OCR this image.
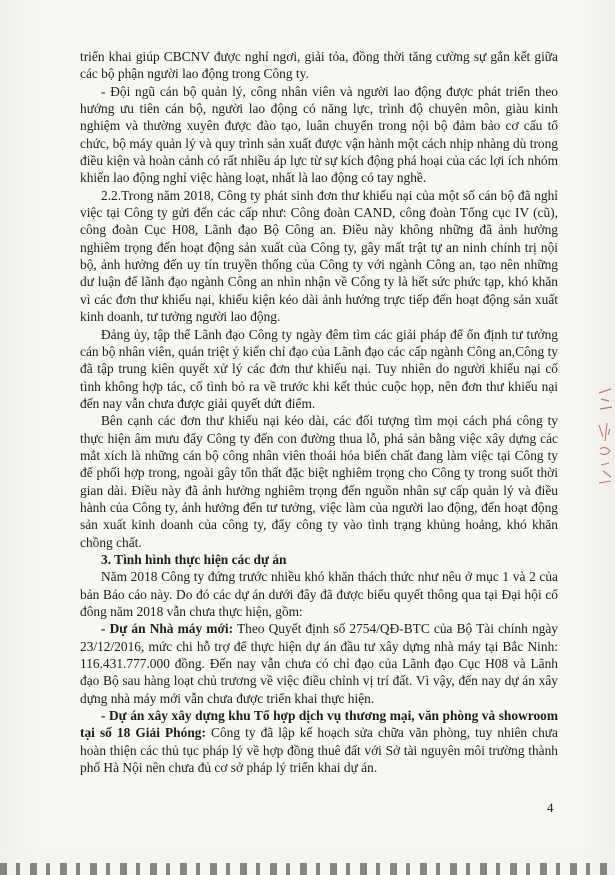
triển khai giúp CBCNV được nghỉ ngơi, giải tỏa, đồng thời tăng cường sự gắn kết giữa các bộ phận người lao động trong Công ty.

- Đội ngũ cán bộ quản lý, công nhân viên và người lao động được phát triển theo hướng ưu tiên cán bộ, người lao động có năng lực, trình độ chuyên môn, giàu kinh nghiệm và thường xuyên được đào tạo, luân chuyển trong nội bộ đảm bảo cơ cấu tổ chức, bộ máy quản lý và quy trình sản xuất được vận hành một cách nhịp nhàng dù trong điều kiện và hoàn cảnh có rất nhiều áp lực từ sự kích động phá hoại của các lợi ích nhóm khiến lao động nghỉ việc hàng loạt, nhất là lao động có tay nghề.

2.2.Trong năm 2018, Công ty phát sinh đơn thư khiếu nại của một số cán bộ đã nghỉ việc tại Công ty gửi đến các cấp như: Công đoàn CAND, công đoàn Tổng cục IV (cũ), công đoàn Cục H08, Lãnh đạo Bộ Công an. Điều này không những đã ảnh hưởng nghiêm trọng đến hoạt động sản xuất của Công ty, gây mất trật tự an ninh chính trị nội bộ, ảnh hưởng đến uy tín truyền thống của Công ty với ngành Công an, tạo nên những dư luận để lãnh đạo ngành Công an nhìn nhận về Công ty là hết sức phức tạp, khó khăn vì các đơn thư khiếu nại, khiếu kiện kéo dài ảnh hưởng trực tiếp đến hoạt động sản xuất kinh doanh, tư tưởng người lao động.

Đảng ủy, tập thể Lãnh đạo Công ty ngày đêm tìm các giải pháp để ổn định tư tưởng cán bộ nhân viên, quán triệt ý kiến chỉ đạo của Lãnh đạo các cấp ngành Công an,Công ty đã tập trung kiên quyết xử lý các đơn thư khiếu nại. Tuy nhiên do người khiếu nại cố tình không hợp tác, cố tình bỏ ra về trước khi kết thúc cuộc họp, nên đơn thư khiếu nại đến nay vẫn chưa được giải quyết dứt điểm.

Bên cạnh các đơn thư khiếu nại kéo dài, các đối tượng tìm mọi cách phá công ty thực hiện âm mưu đẩy Công ty đến con đường thua lỗ, phá sản bằng việc xây dựng các mắt xích là những cán bộ công nhân viên thoái hóa biến chất đang làm việc tại Công ty để phối hợp trong, ngoài gây tổn thất đặc biệt nghiêm trọng cho Công ty trong suốt thời gian dài. Điều này đã ảnh hưởng nghiêm trọng đến nguồn nhân sự cấp quản lý và điều hành của Công ty, ảnh hưởng đến tư tưởng, việc làm của người lao động, đến hoạt động sản xuất kinh doanh của công ty, đẩy công ty vào tình trạng khủng hoảng, khó khăn chồng chất.

3. Tình hình thực hiện các dự án

Năm 2018 Công ty đứng trước nhiều khó khăn thách thức như nêu ở mục 1 và 2 của bản Báo cáo này. Do đó các dự án dưới đây đã được biểu quyết thông qua tại Đại hội cổ đông năm 2018 vẫn chưa thực hiện, gồm:

- Dự án Nhà máy mới: Theo Quyết định số 2754/QĐ-BTC của Bộ Tài chính ngày 23/12/2016, mức chi hỗ trợ để thực hiện dự án đầu tư xây dựng nhà máy tại Bắc Ninh: 116.431.777.000 đồng. Đến nay vẫn chưa có chỉ đạo của Lãnh đạo Cục H08 và Lãnh đạo Bộ sau hàng loạt chủ trương về việc điều chỉnh vị trí đất. Vì vậy, đến nay dự án xây dựng nhà máy mới vẫn chưa được triển khai thực hiện.

- Dự án xây xây dựng khu Tổ hợp dịch vụ thương mại, văn phòng và showroom tại số 18 Giải Phóng: Công ty đã lập kế hoạch sửa chữa văn phòng, tuy nhiên chưa hoàn thiện các thủ tục pháp lý về hợp đồng thuê đất với Sở tài nguyên môi trường thành phố Hà Nội nên chưa đủ cơ sở pháp lý triển khai dự án.

4
